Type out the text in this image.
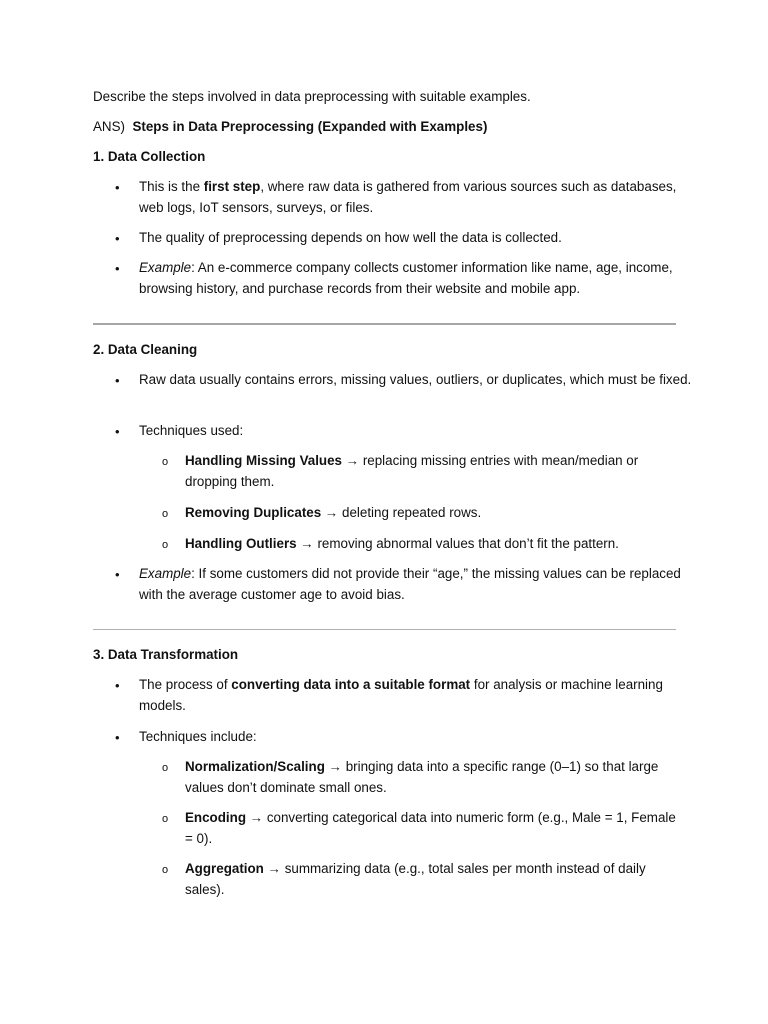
Describe the steps involved in data preprocessing with suitable examples.

ANS) Steps in Data Preprocessing (Expanded with Examples)

1. Data Collection

•	This is the first step, where raw data is gathered from various sources such as databases, web logs, IoT sensors, surveys, or files.

•	The quality of preprocessing depends on how well the data is collected.

•	Example: An e-commerce company collects customer information like name, age, income, browsing history, and purchase records from their website and mobile app.

2. Data Cleaning

•	Raw data usually contains errors, missing values, outliers, or duplicates, which must be fixed.

•	Techniques used:

o Handling Missing Values → replacing missing entries with mean/median or dropping them.

o Removing Duplicates → deleting repeated rows.

o Handling Outliers → removing abnormal values that don’t fit the pattern.

•	Example: If some customers did not provide their “age,” the missing values can be replaced with the average customer age to avoid bias.

3. Data Transformation

•	The process of converting data into a suitable format for analysis or machine learning models.

•	Techniques include:

o Normalization/Scaling → bringing data into a specific range (0–1) so that large values don’t dominate small ones.

o Encoding → converting categorical data into numeric form (e.g., Male = 1, Female = 0).

o Aggregation → summarizing data (e.g., total sales per month instead of daily sales).
